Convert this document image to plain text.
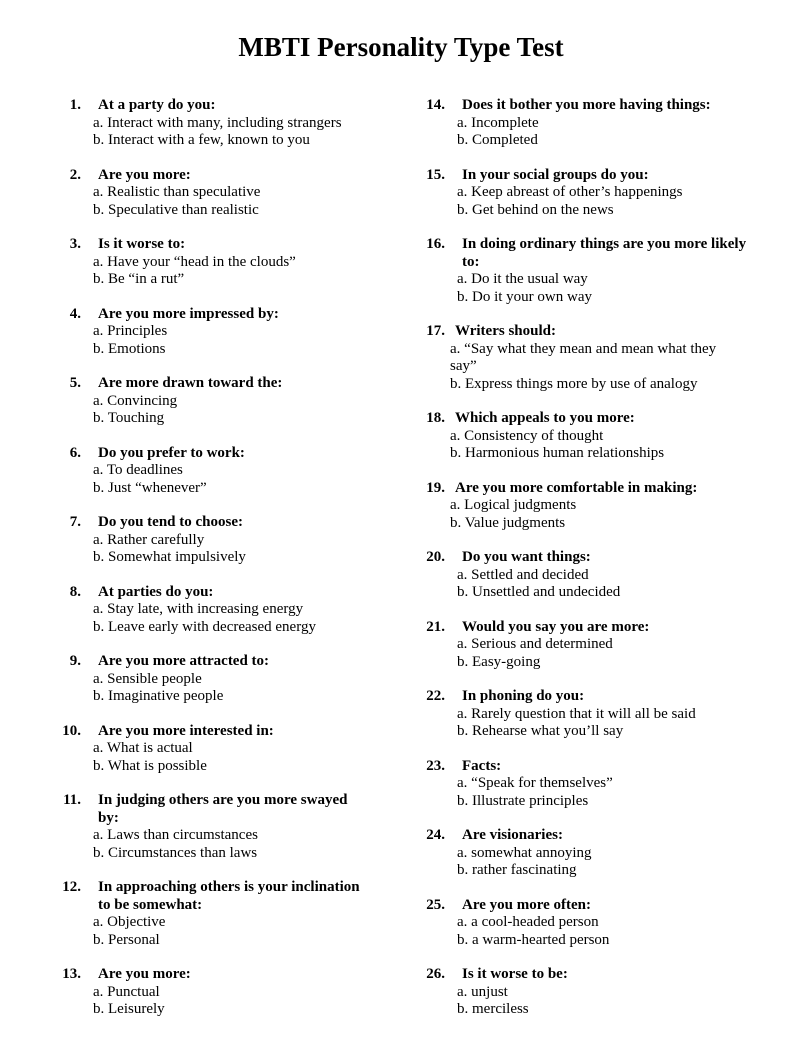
MBTI Personality Type Test
1.	At a party do you:
a. Interact with many, including strangers
b. Interact with a few, known to you
2.	Are you more:
a. Realistic than speculative
b. Speculative than realistic
3.	Is it worse to:
a. Have your “head in the clouds”
b. Be “in a rut”
4.	Are you more impressed by:
a. Principles
b. Emotions
5.	Are more drawn toward the:
a. Convincing
b. Touching
6.	Do you prefer to work:
a. To deadlines
b. Just “whenever”
7.	Do you tend to choose:
a. Rather carefully
b. Somewhat impulsively
8.	At parties do you:
a. Stay late, with increasing energy
b. Leave early with decreased energy
9.	Are you more attracted to:
a. Sensible people
b. Imaginative people
10.	Are you more interested in:
a. What is actual
b. What is possible
11.	In judging others are you more swayed by:
a. Laws than circumstances
b. Circumstances than laws
12.	In approaching others is your inclination to be somewhat:
a. Objective
b. Personal
13.	Are you more:
a. Punctual
b. Leisurely
14.	Does it bother you more having things:
a. Incomplete
b. Completed
15.	In your social groups do you:
a. Keep abreast of other’s happenings
b. Get behind on the news
16.	In doing ordinary things are you more likely to:
a. Do it the usual way
b. Do it your own way
17. Writers should:
a. “Say what they mean and mean what they say”
b. Express things more by use of analogy
18. Which appeals to you more:
a. Consistency of thought
b. Harmonious human relationships
19. Are you more comfortable in making:
a. Logical judgments
b. Value judgments
20.	Do you want things:
a. Settled and decided
b. Unsettled and undecided
21.	Would you say you are more:
a. Serious and determined
b. Easy-going
22.	In phoning do you:
a. Rarely question that it will all be said
b. Rehearse what you’ll say
23.	Facts:
a. “Speak for themselves”
b. Illustrate principles
24.	Are visionaries:
a. somewhat annoying
b. rather fascinating
25.	Are you more often:
a. a cool-headed person
b. a warm-hearted person
26.	Is it worse to be:
a. unjust
b. merciless
